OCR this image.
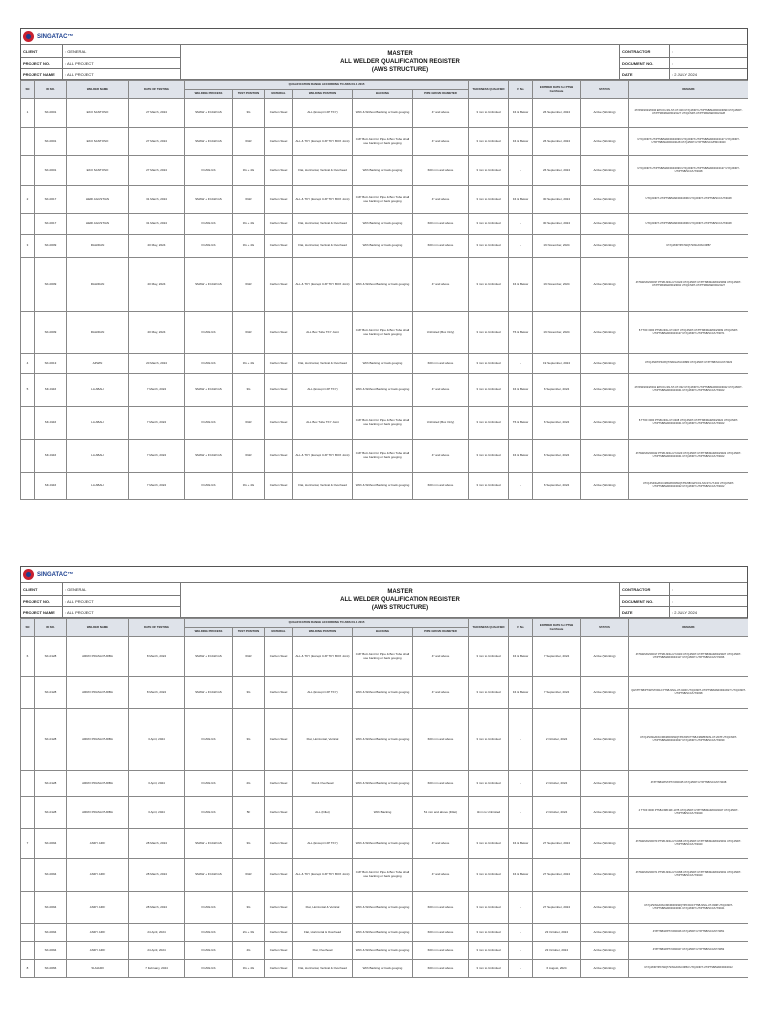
SINGATAC™
CLIENT	: GENERAL	MASTER
ALL WELDER QUALIFICATION REGISTER
(AWS STRUCTURE)
CONTRACTOR	:
PROJECT NO.	: ALL PROJECT	DOCUMENT NO.	:
PROJECT NAME	: ALL PROJECT	DATE	: 2 JULY 2024
SN	ID NO.	WELDER NAME	DATE OF TESTING	QUALIFICATION RANGE ACCORDING TO AWS D1.1 2015						THICKNESS QUALIFIED	F No	EXPIRED DATE for PTSB Certificate	STATUS	REMARK
				WELDING PROCESS	TEST POSITION	MATERIAL	WELDING POSITION	BACKING	PIPE GROVE DIAMETER					
1	SK-0001	EKO SANTOSO	27 March, 2024	SMAW + FCAW-GS	3G	Carbon Steel	ALL (Except CJP TKY)	With & Without Backing or back gouging	4" and above	3 mm to Unlimited	F4 & Below	26 September, 2024	Active (Working)	4T/WW/2023/0040 EPCO1-SN-ST-UT-029 UT/QJ/NDT-UT/PTSB/MAR/004/3099 UT/QJ/NDT-UT/PTSB/MAR/004/3127 UT/QJ/NDT-UT/PTSB/MAR/004/3128
	SK-0001	EKO SANTOSO	27 March, 2024	SMAW + FCAW-GS	6GR	Carbon Steel	ALL & TKY (Except CJP TKY BOX Joint)	CJP Butt Joint for Pipe & Box Tube shall use backing or back gouging	4" and above	3 mm to Unlimited	F4 & Below	26 September, 2024	Active (Working)	UT/QJ/NDT-UT/PTSB/MAR/004/3099 UT/QJ/NDT-UT/PTSB/MAR/004/3127 UT/QJ/NDT-UT/PTSB/MAR/004/3128 UT/QJ/NDT-UT/PTSB/SCC/PMC/3020
	SK-0001	EKO SANTOSO	27 March, 2024	FCAW-GS	3G + 4G	Carbon Steel	Flat, Horizontal, Vertical & Overhead	With Backing or back gouging	600 mm and above	3 mm to Unlimited	-	26 September, 2024	Active (Working)	UT/QJ/NDT-UT/PTSB/MAR/004/3099 UT/QJ/NDT-UT/PTSB/MAR/004/3127 UT/QJ/NDT-UT/PTSB/SCC/UT/3048
2	SK-0017	HERI AGUSTIAN	31 March, 2024	SMAW + FCAW-GS	6GR	Carbon Steel	ALL & TKY (Except CJP TKY BOX Joint)	CJP Butt Joint for Pipe & Box Tube shall use backing or back gouging	4" and above	3 mm to Unlimited	F4 & Below	30 September, 2024	Active (Working)	UT/QJ/NDT-UT/PTSB/MAR/004/3099 UT/QJ/NDT-UT/PTSB/SCC/UT/3048
	SK-0017	HERI AGUSTIAN	31 March, 2024	FCAW-GS	3G + 4G	Carbon Steel	Flat, Horizontal, Vertical & Overhead	With Backing or back gouging	600 mm and above	3 mm to Unlimited	-	30 September, 2024	Active (Working)	UT/QJ/NDT-UT/PTSB/MAR/004/3099 UT/QJ/NDT-UT/PTSB/SCC/UT/3048
3	SK-0009	RAHIDAN	20 May, 2024	FCAW-GS	3G + 4G	Carbon Steel	Flat, Horizontal, Vertical & Overhead	With Backing or back gouging	600 mm and above	3 mm to Unlimited	-	19 November, 2024	Active (Working)	UT/QJ/NDT/PF/WQT/SINGATAC/0887
	SK-0009	RAHIDAN	20 May, 2024	SMAW + FCAW-GS	6GR	Carbon Steel	ALL & TKY (Except CJP TKY BOX Joint)	With & Without Backing or back gouging	4" and above	3 mm to Unlimited	F4 & Below	19 November, 2024	Active (Working)	4T/WW/2023/0037 PTSB-NNG-UT-0429 UT/QJ/NDT-UT/PTSB/MAR/004/3099 UT/QJ/NDT-UT/PTSB/MAR/004/3092 UT/QJ/NDT-UT/PTSB/MAR/004/3127
	SK-0009	RAHIDAN	20 May, 2024	FCAW-GS	6GR	Carbon Steel	ALL Box Tube TKY Joint	CJP Butt Joint for Pipe & Box Tube shall use backing or back gouging	Unlimited (Box Only)	3 mm to Unlimited	T6 & Below	19 November, 2024	Active (Working)	8 TTOF 0000 PTSB-NNG-UT-0407 UT/QJ/NDT-UT/PTSB/MAR/004/3099 UT/QJ/NDT-UT/PTSB/MAR/004/3127 UT/QJ/NDT-UT/PTSB/SCC/UT/3071
4	SK-0013	AZWIN	20 March, 2024	FCAW-GS	3G + 4G	Carbon Steel	Flat, Horizontal, Vertical & Overhead	With Backing or back gouging	600 mm and above	3 mm to Unlimited	-	19 September, 2024	Active (Working)	UT/QJ/NDT/PF/WQT/SINGATAC/0883 UT/QJ/NDT-UT/PTSB/SCC/UT/3023
5	SK-0116	LA ABALI	7 March, 2024	SMAW + FCAW-GS	3G	Carbon Steel	ALL (Except CJP TKY)	With & Without Backing or back gouging	4" and above	3 mm to Unlimited	F4 & Below	6 September, 2024	Active (Working)	4T/WW/2023/0041 EPCO1-SN-ST-UT-032 UT/QJ/NDT-UT/PTSB/MAR/004/3022 UT/QJ/NDT-UT/PTSB/MAR/004/3041 UT/QJ/NDT-UT/PTSB/SCC/UT/3022
	SK-0116	LA ABALI	7 March, 2024	FCAW-GS	6GR	Carbon Steel	ALL Box Tube TKY Joint	CJP Butt Joint for Pipe & Box Tube shall use backing or back gouging	Unlimited (Box Only)	3 mm to Unlimited	T6 & Below	6 September, 2024	Active (Working)	8 TTOF 0000 PTSB-NNG-UT-0408 UT/QJ/NDT-UT/PTSB/MAR/004/3022 UT/QJ/NDT-UT/PTSB/MAR/004/3041 UT/QJ/NDT-UT/PTSB/SCC/UT/3022
	SK-0116	LA ABALI	7 March, 2024	SMAW + FCAW-GS	6GR	Carbon Steel	ALL & TKY (Except CJP TKY BOX Joint)	CJP Butt Joint for Pipe & Box Tube shall use backing or back gouging	4" and above	3 mm to Unlimited	F4 & Below	6 September, 2024	Active (Working)	4T/WW/2023/0042 PTSB-NNG-UT-0429 UT/QJ/NDT-UT/PTSB/MAR/004/3022 UT/QJ/NDT-UT/PTSB/MAR/004/3041 UT/QJ/NDT-UT/PTSB/SCC/UT/3022
	SK-0116	LA ABALI	7 March, 2024	FCAW-GS	3G + 4G	Carbon Steel	Flat, Horizontal, Vertical & Overhead	With & Without Backing or back gouging	600 mm and above	3 mm to Unlimited	-	6 September, 2024	Active (Working)	UT/QJ/SINGATAC/MKM/003/WQT/PF/080 EPCO1-SN-ST-UT-032 UT/QJ/NDT-UT/PTSB/MAR/004/3022 UT/QJ/NDT-UT/PTSB/SCC/UT/3022
SINGATAC™
CLIENT	: GENERAL	MASTER
ALL WELDER QUALIFICATION REGISTER
(AWS STRUCTURE)
CONTRACTOR	:
PROJECT NO.	: ALL PROJECT	DOCUMENT NO.	:
PROJECT NAME	: ALL PROJECT	DATE	: 2 JULY 2024
SN	ID NO.	WELDER NAME	DATE OF TESTING	QUALIFICATION RANGE ACCORDING TO AWS D1.1 2015						THICKNESS QUALIFIED	F No	EXPIRED DATE for PTSB Certificate	STATUS	REMARK
				WELDING PROCESS	TEST POSITION	MATERIAL	WELDING POSITION	BACKING	PIPE GROVE DIAMETER					
6	SK-0128	ARRO PRASA PURBA	8 March, 2024	SMAW + FCAW-GS	6GR	Carbon Steel	ALL & TKY (Except CJP TKY BOX Joint)	CJP Butt Joint for Pipe & Box Tube shall use backing or back gouging	4" and above	3 mm to Unlimited	F4 & Below	7 September, 2024	Active (Working)	4T/WW/2023/0017 PTSB-NNG-UT-0400 UT/QJ/NDT-UT/PTSB/MAR/004/3027 UT/QJ/NDT-UT/PTSB/MAR/004/3117 UT/QJ/NDT-UT/PTSB/SCC/UT/3036
	SK-0128	ARRO PRASA PURBA	8 March, 2024	SMAW + FCAW-GS	3G	Carbon Steel	ALL (Except CJP TKY)	With & Without Backing or back gouging	4" and above	3 mm to Unlimited	F4 & Below	7 September, 2024	Active (Working)	QHT/PTSB/PT/W/ST/0012 PTSB-NNG-UT-0400 UT/QJ/NDT-UT/PTSB/MAR/004/3027 UT/QJ/NDT-UT/PTSB/SCC/UT/3038
	SK-0128	ARRO PRASA PURBA	3 April, 2024	FCAW-GS	3G	Carbon Steel	Flat, Horizontal, Vertical	With & Without Backing or back gouging	600 mm and above	3 mm to Unlimited	-	2 October, 2024	Active (Working)	UT/QJ/SINGATAC/MKM/003/WQT/PF/035 PTSB-FMWB/SNS-UT-2078 UT/QJ/NDT-UT/PTSB/MAR/004/3027 UT/QJ/NDT-UT/PTSB/SCC/UT/3039
	SK-0128	ARRO PRASA PURBA	3 April, 2024	FCAW-GS	2G	Carbon Steel	Flat & Overhead	With & Without Backing or back gouging	600 mm and above	3 mm to Unlimited	-	2 October, 2024	Active (Working)	4T/PTSB/W/ST/PT/CR/0045 UT/QJ/NDT-UT/PTSB/SCC/UT/3048
	SK-0128	ARRO PRASA PURBA	3 April, 2024	FCAW-GS	5F	Carbon Steel	ALL (Fillet)	With Backing	51 mm and above (Fillet)	3mm to Unlimited	-	2 October, 2024	Active (Working)	4 TTOF 0000 PTSB-FMB-WF-1075 UT/QJ/NDT-UT/PTSB/MAR/004/3027 UT/QJ/NDT-UT/PTSB/SCC/UT/3049
7	SK-0094	ANDY AFIF	28 March, 2024	SMAW + FCAW-GS	3G	Carbon Steel	ALL (Except CJP TKY)	With & Without Backing or back gouging	4" and above	3 mm to Unlimited	F4 & Below	27 September, 2024	Active (Working)	4T/WW/2023/0070 PTSB-NNG-UT-0398 UT/QJ/NDT-UT/PTSB/MAR/004/3031 UT/QJ/NDT-UT/PTSB/SCC/UT/3040
	SK-0094	ANDY AFIF	28 March, 2024	SMAW + FCAW-GS	6GR	Carbon Steel	ALL & TKY (Except CJP TKY BOX Joint)	CJP Butt Joint for Pipe & Box Tube shall use backing or back gouging	4" and above	3 mm to Unlimited	F4 & Below	27 September, 2024	Active (Working)	4T/WW/2023/0071 PTSB-NNG-UT-0398 UT/QJ/NDT-UT/PTSB/MAR/004/3031 UT/QJ/NDT-UT/PTSB/SCC/UT/3040
	SK-0094	ANDY AFIF	28 March, 2024	FCAW-GS	3G	Carbon Steel	Flat, Horizontal & Vertical	With & Without Backing or back gouging	600 mm and above	3 mm to Unlimited	-	27 September, 2024	Active (Working)	UT/QJ/SINGATAC/MKM/003/WQT/PF/034 PTSB-NNG-UT-0398 UT/QJ/NDT-UT/PTSB/MAR/004/3031 UT/QJ/NDT-UT/PTSB/SCC/UT/3041
	SK-0094	ANDY AFIF	24 April, 2024	FCAW-GS	2G + 3G	Carbon Steel	Flat, Horizontal & Overhead	With & Without Backing or back gouging	600 mm and above	3 mm to Unlimited	-	23 October, 2024	Active (Working)	4T/PTSB/W/PT/CR/0046 UT/QJ/NDT-UT/PTSB/SCC/UT/3051
	SK-0094	ANDY AFIF	24 April, 2024	FCAW-GS	4G	Carbon Steel	Flat, Overhead	With & Without Backing or back gouging	600 mm and above	3 mm to Unlimited	-	23 October, 2024	Active (Working)	4T/PTSB/W/PT/CR/0047 UT/QJ/NDT-UT/PTSB/SCC/UT/3052
8	SK-0066	SUHAIRI	7 February, 2024	FCAW-GS	3G + 4G	Carbon Steel	Flat, Horizontal, Vertical & Overhead	With Backing or back gouging	600 mm and above	3 mm to Unlimited	-	6 August, 2024	Active (Working)	UT/QJ/NDT/PF/WQT/SINGATAC/0863 UT/QJ/NDT-UT/PTSB/MAR/004/3012
